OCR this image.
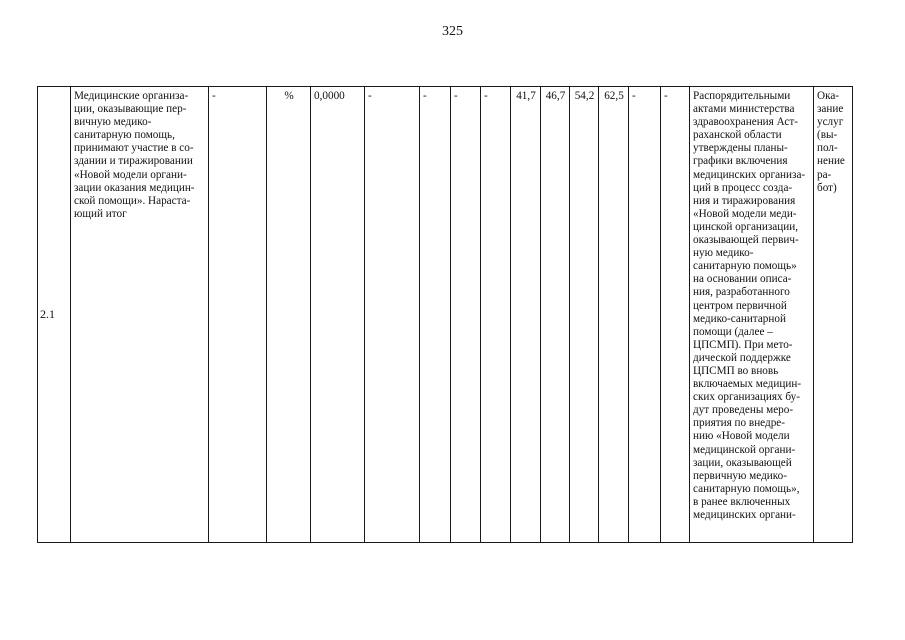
325
2.1	Медицинские организа-
ции, оказывающие пер-
вичную медико-
санитарную помощь,
принимают участие в со-
здании и тиражировании
«Новой модели органи-
зации оказания медицин-
ской помощи». Нараста-
ющий итог	-	%	0,0000	-	-	-	-	41,7	46,7	54,2	62,5	-	-	Распорядительными
актами министерства
здравоохранения Аст-
раханской области
утверждены планы-
графики включения
медицинских организа-
ций в процесс созда-
ния и тиражирования
«Новой модели меди-
цинской организации,
оказывающей первич-
ную медико-
санитарную помощь»
на основании описа-
ния, разработанного
центром первичной
медико-санитарной
помощи (далее –
ЦПСМП). При мето-
дической поддержке
ЦПСМП во вновь
включаемых медицин-
ских организациях бу-
дут проведены меро-
приятия по внедре-
нию «Новой модели
медицинской органи-
зации, оказывающей
первичную медико-
санитарную помощь»,
в ранее включенных
медицинских органи-	Ока-
зание
услуг
(вы-
пол-
нение
ра-
бот)
